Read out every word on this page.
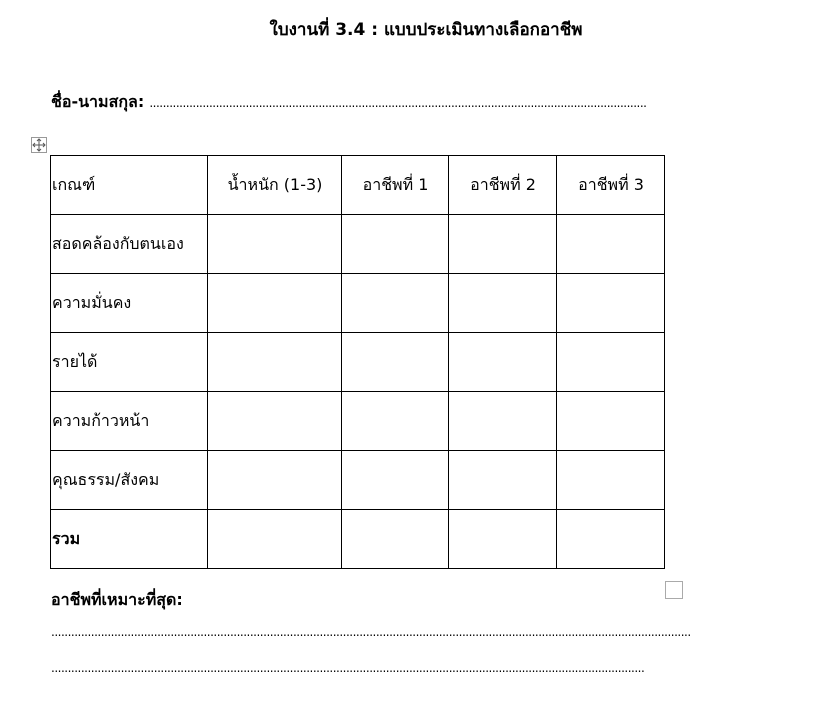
ใบงานที่ 3.4 : แบบประเมินทางเลือกอาชีพ
ชื่อ-นามสกุล: ......................................................................................................................................................
เกณฑ์	น้ำหนัก (1-3)	อาชีพที่ 1	อาชีพที่ 2	อาชีพที่ 3
สอดคล้องกับตนเอง				
ความมั่นคง				
รายได้				
ความก้าวหน้า				
คุณธรรม/สังคม				
รวม				
อาชีพที่เหมาะที่สุด:
.................................................................................................................................................................................................
...................................................................................................................................................................................
